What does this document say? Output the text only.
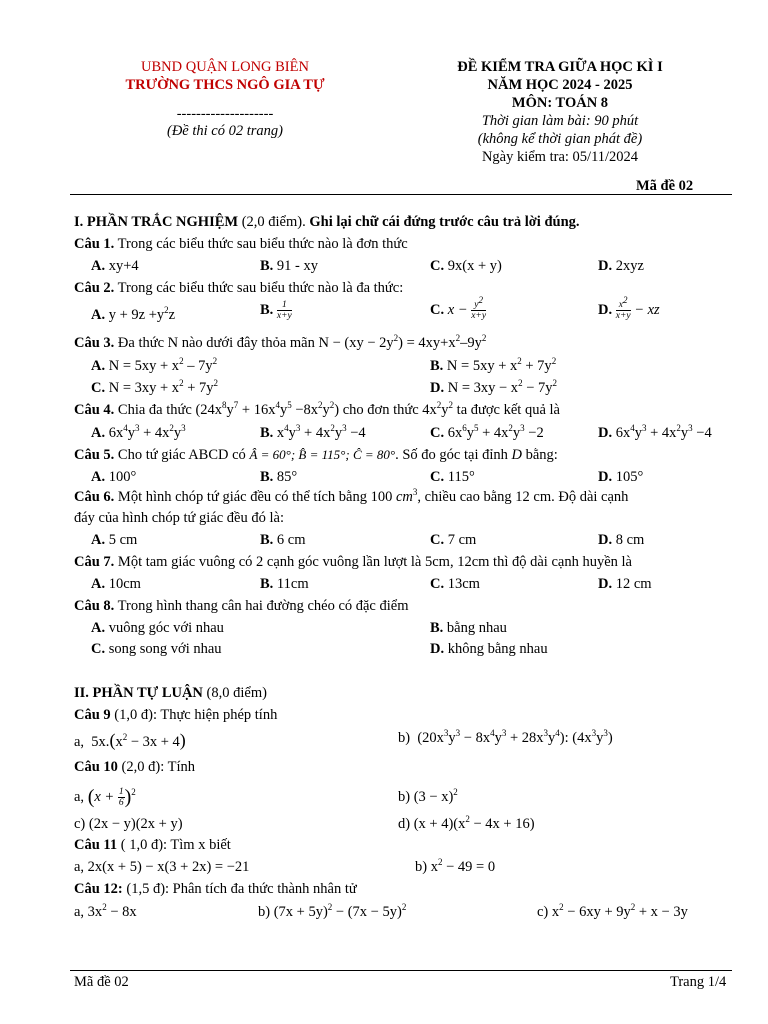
UBND QUẬN LONG BIÊN
TRƯỜNG THCS NGÔ GIA TỰ
--------------------
(Đề thi có 02 trang)
ĐỀ KIỂM TRA GIỮA HỌC KÌ I
NĂM HỌC 2024 - 2025
MÔN: TOÁN 8
Thời gian làm bài: 90 phút
(không kể thời gian phát đề)
Ngày kiểm tra: 05/11/2024
Mã đề 02
I. PHẦN TRẮC NGHIỆM (2,0 điểm). Ghi lại chữ cái đứng trước câu trả lời đúng.
Câu 1. Trong các biểu thức sau biểu thức nào là đơn thức
A. xy+4	B. 91 - xy	C. 9x(x + y)	D. 2xyz
Câu 2. Trong các biểu thức sau biểu thức nào là đa thức:
A. $y + 9z +y^2z$	B. $\frac{1}{x+y}$	C. $x - \frac{y^2}{x+y}$	D. $\frac{x^2}{x+y}$ − xz
Câu 3. Đa thức N nào dưới đây thỏa mãn $N - (xy - 2y^2) = 4xy+x^2-9y^2$
A. $N = 5xy + x^2 - 7y^2$	B. $N = 5xy + x^2 + 7y^2$
C. $N = 3xy + x^2 + 7y^2$	D. $N = 3xy - x^2 - 7y^2$
Câu 4. Chia đa thức $(24x^8y^7 + 16x^4y^5 -8x^2y^2)$ cho đơn thức $4x^2y^2$ ta được kết quả là
A. $6x^4y^3 + 4x^2y^3$	B. $x^4y^3 + 4x^2y^3 -4$	C. $6x^6y^5 + 4x^2y^3 -2$	D. $6x^4y^3 + 4x^2y^3 -4$
Câu 5. Cho tứ giác ABCD có Â = 60°; B̂ = 115°; Ĉ = 80°. Số đo góc tại đỉnh D bằng:
A. 100°	B. 85°	C. 115°	D. 105°
Câu 6. Một hình chóp tứ giác đều có thể tích bằng 100 $cm^3$, chiều cao bằng 12 cm. Độ dài cạnh
đáy của hình chóp tứ giác đều đó là:
A. 5 cm	B. 6 cm	C. 7 cm	D. 8 cm
Câu 7. Một tam giác vuông có 2 cạnh góc vuông lần lượt là 5cm, 12cm thì độ dài cạnh huyền là
A. 10cm	B. 11cm	C. 13cm	D. 12 cm
Câu 8. Trong hình thang cân hai đường chéo có đặc điểm
A. vuông góc với nhau	B. bằng nhau
C. song song với nhau	D. không bằng nhau
II. PHẦN TỰ LUẬN (8,0 điểm)
Câu 9 (1,0 đ): Thực hiện phép tính
a,  $5x.(x^2 - 3x + 4)$	b)  $(20x^3y^3 - 8x^4y^3 + 28x^3y^4)$: $(4x^3y^3)$
Câu 10 (2,0 đ): Tính
a, $(x + \frac{1}{6} )^2$	b) $(3 - x)^2$
c) (2x − y)(2x + y)	d) $(x + 4)(x^2 - 4x + 16)$
Câu 11 ( 1,0 đ): Tìm x biết
a, 2x(x + 5) − x(3 + 2x) = −21	b) $x^2 - 49 = 0$
Câu 12: (1,5 đ): Phân tích đa thức thành nhân tử
a, $3x^2 - 8x$	b) $(7x + 5y)^2 - (7x - 5y)^2$	c) $x^2 - 6xy + 9y^2 + x - 3y$
Mã đề 02	Trang 1/4
